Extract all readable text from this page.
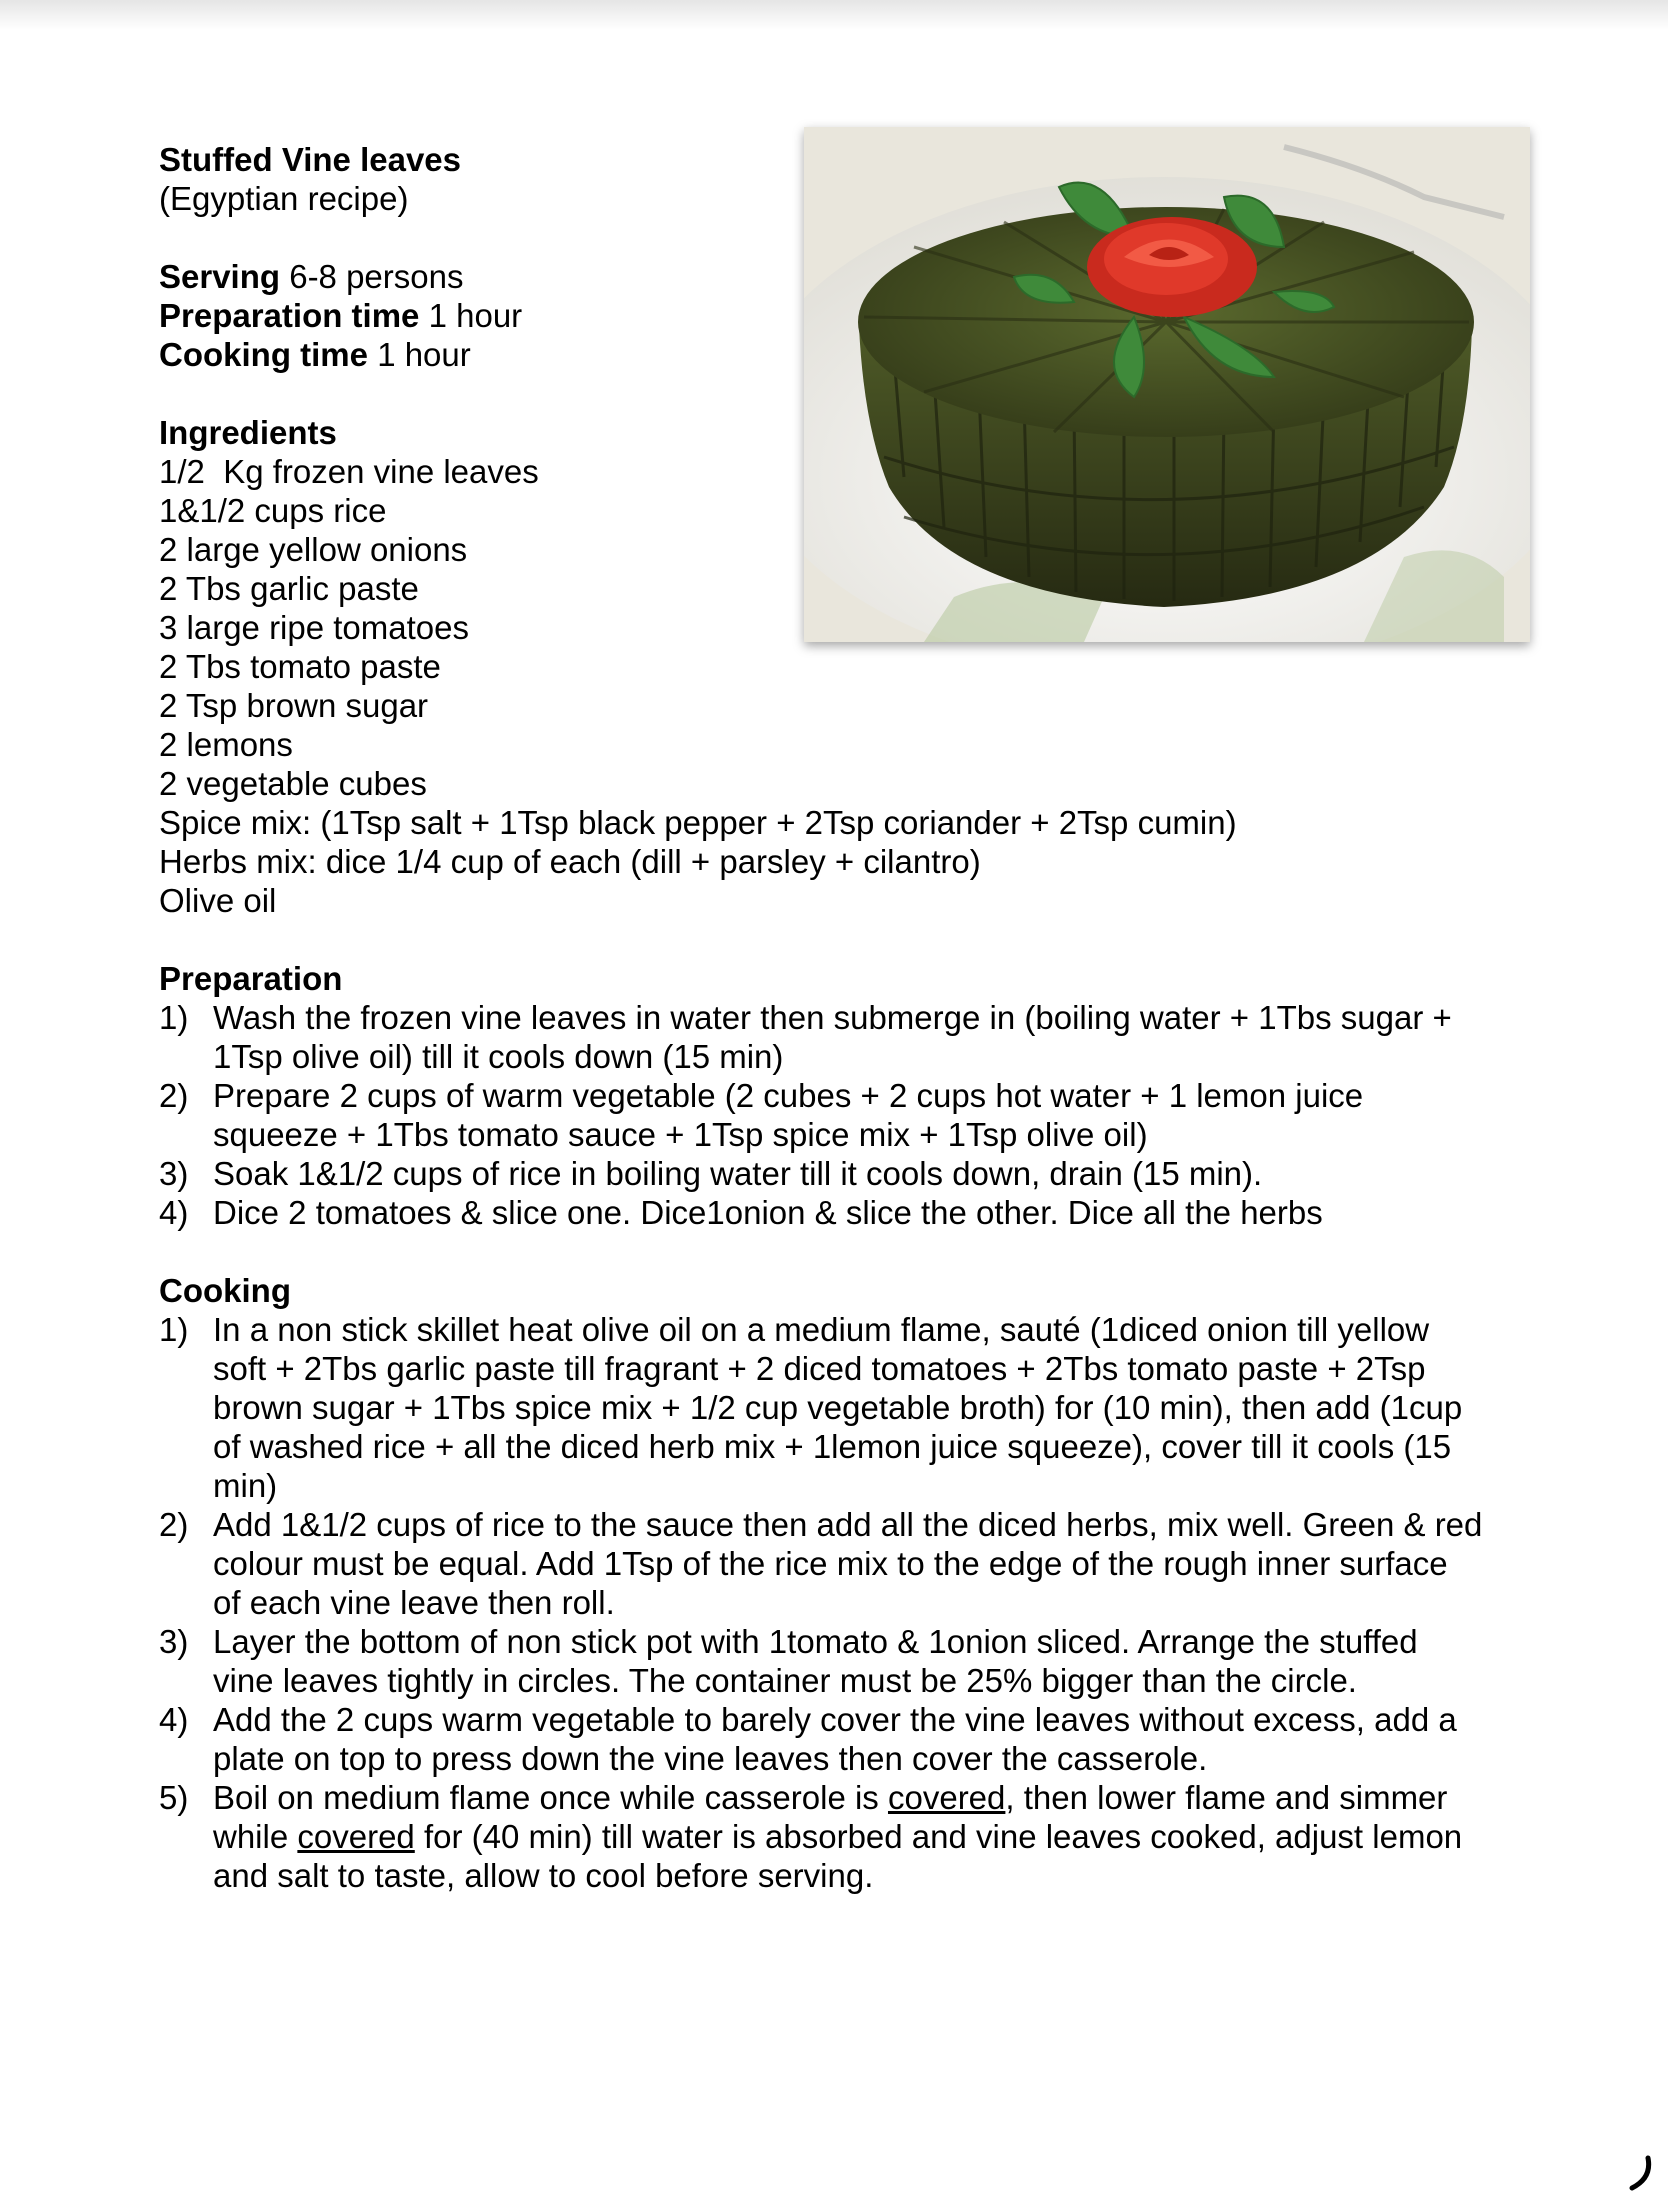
Stuffed Vine leaves
(Egyptian recipe)
Serving 6-8 persons
Preparation time 1 hour
Cooking time 1 hour
Ingredients
1/2  Kg frozen vine leaves
1&1/2 cups rice
2 large yellow onions
2 Tbs garlic paste
3 large ripe tomatoes
2 Tbs tomato paste
2 Tsp brown sugar
2 lemons
2 vegetable cubes
Spice mix: (1Tsp salt + 1Tsp black pepper + 2Tsp coriander + 2Tsp cumin)
Herbs mix: dice 1/4 cup of each (dill + parsley + cilantro)
Olive oil
Preparation
1) Wash the frozen vine leaves in water then submerge in (boiling water + 1Tbs sugar +
1Tsp olive oil) till it cools down (15 min)
2) Prepare 2 cups of warm vegetable (2 cubes + 2 cups hot water + 1 lemon juice
squeeze + 1Tbs tomato sauce + 1Tsp spice mix + 1Tsp olive oil)
3) Soak 1&1/2 cups of rice in boiling water till it cools down, drain (15 min).
4) Dice 2 tomatoes & slice one. Dice1onion & slice the other. Dice all the herbs
Cooking
1) In a non stick skillet heat olive oil on a medium flame, sauté (1diced onion till yellow
soft + 2Tbs garlic paste till fragrant + 2 diced tomatoes + 2Tbs tomato paste + 2Tsp
brown sugar + 1Tbs spice mix + 1/2 cup vegetable broth) for (10 min), then add (1cup
of washed rice + all the diced herb mix + 1lemon juice squeeze), cover till it cools (15
min)
2) Add 1&1/2 cups of rice to the sauce then add all the diced herbs, mix well. Green & red
colour must be equal. Add 1Tsp of the rice mix to the edge of the rough inner surface
of each vine leave then roll.
3) Layer the bottom of non stick pot with 1tomato & 1onion sliced. Arrange the stuffed
vine leaves tightly in circles. The container must be 25% bigger than the circle.
4) Add the 2 cups warm vegetable to barely cover the vine leaves without excess, add a
plate on top to press down the vine leaves then cover the casserole.
5) Boil on medium flame once while casserole is covered, then lower flame and simmer
while covered for (40 min) till water is absorbed and vine leaves cooked, adjust lemon
and salt to taste, allow to cool before serving.
